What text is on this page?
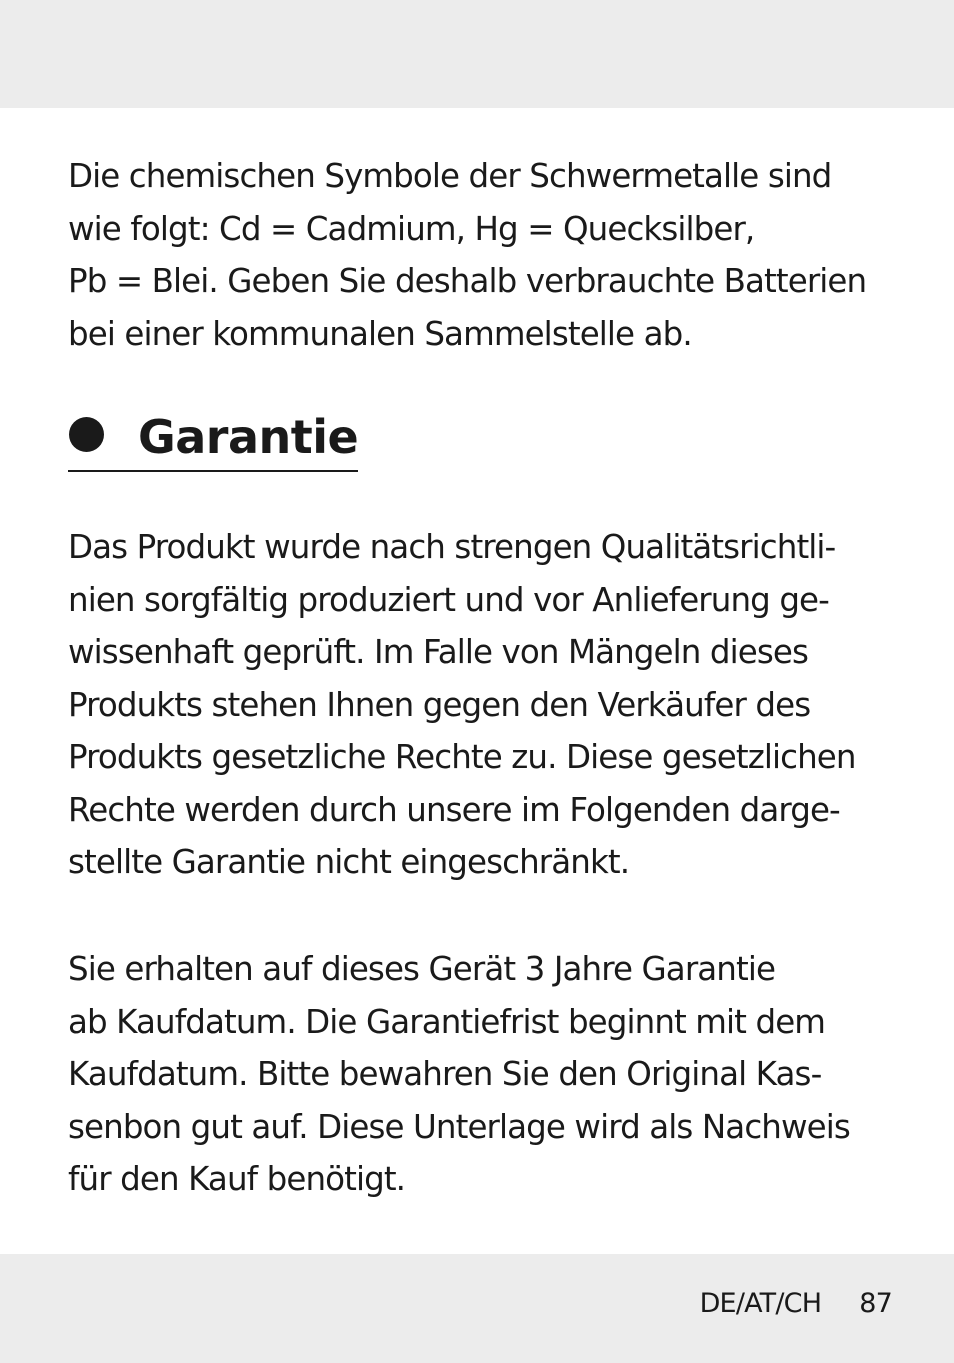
Die chemischen Symbole der Schwermetalle sind
wie folgt: Cd = Cadmium, Hg = Quecksilber,
Pb = Blei. Geben Sie deshalb verbrauchte Batterien
bei einer kommunalen Sammelstelle ab.
Garantie
Das Produkt wurde nach strengen Qualitätsrichtli-
nien sorgfältig produziert und vor Anlieferung ge-
wissenhaft geprüft. Im Falle von Mängeln dieses
Produkts stehen Ihnen gegen den Verkäufer des
Produkts gesetzliche Rechte zu. Diese gesetzlichen
Rechte werden durch unsere im Folgenden darge-
stellte Garantie nicht eingeschränkt.
Sie erhalten auf dieses Gerät 3 Jahre Garantie
ab Kaufdatum. Die Garantiefrist beginnt mit dem
Kaufdatum. Bitte bewahren Sie den Original Kas-
senbon gut auf. Diese Unterlage wird als Nachweis
für den Kauf benötigt.
DE/AT/CH 87
